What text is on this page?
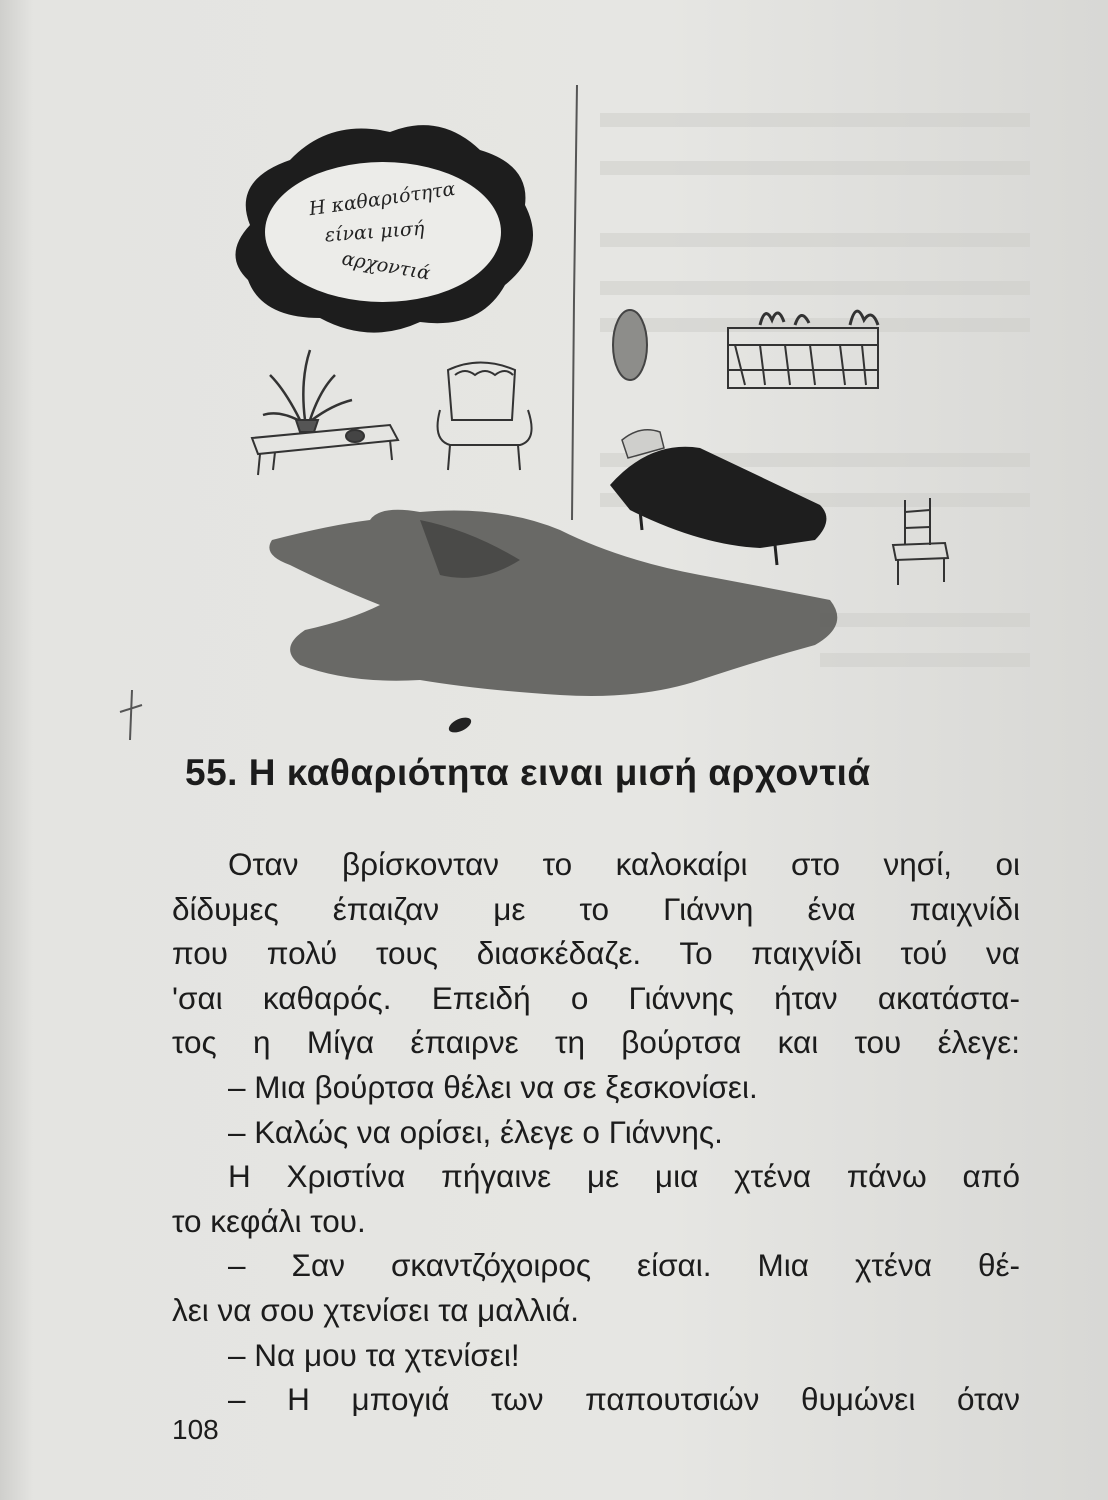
Η καθαριότητα
είναι μισή
αρχοντιά
55. Η καθαριότητα ειναι μισή αρχοντιά
Οταν βρίσκονταν το καλοκαίρι στο νησί, οι
δίδυμες έπαιζαν με το Γιάννη ένα παιχνίδι
που πολύ τους διασκέδαζε. Το παιχνίδι τού να
'σαι καθαρός. Επειδή ο Γιάννης ήταν ακατάστα-
τος η Μίγα έπαιρνε τη βούρτσα και του έλεγε:
– Μια βούρτσα θέλει να σε ξεσκονίσει.
– Καλώς να ορίσει, έλεγε ο Γιάννης.
Η Χριστίνα πήγαινε με μια χτένα πάνω από
το κεφάλι του.
– Σαν σκαντζόχοιρος είσαι. Μια χτένα θέ-
λει να σου χτενίσει τα μαλλιά.
– Να μου τα χτενίσει!
– Η μπογιά των παπουτσιών θυμώνει όταν
108
